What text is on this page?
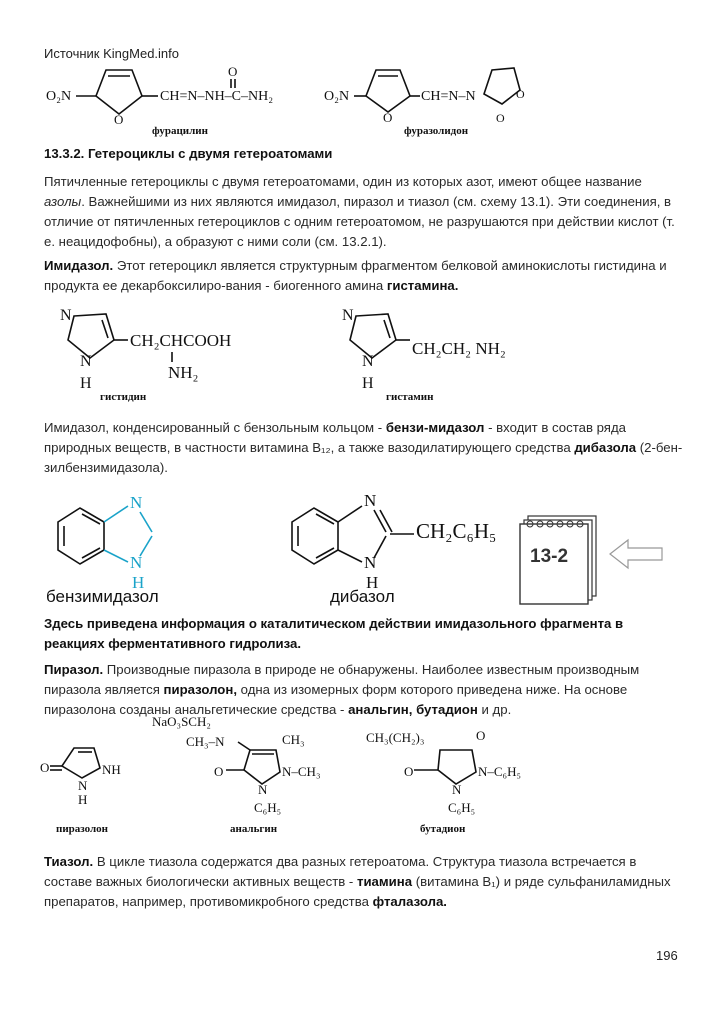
Источник KingMed.info
O₂N
O
CH=N–NH–C–NH₂
O
фурацилин
O₂N
O
CH=N–N	O
O
фуразолидон
13.3.2. Гетероциклы с двумя гетероатомами
Пятичленные гетероциклы с двумя гетероатомами, один из которых азот, имеют общее название азолы. Важнейшими из них являются имидазол, пиразол и тиазол (см. схему 13.1). Эти соединения, в отличие от пятичленных гетероциклов с одним гетероатомом, не разрушаются при действии кислот (т. е. неацидофобны), а образуют с ними соли (см. 13.2.1).
Имидазол. Этот гетероцикл является структурным фрагментом белковой аминокислоты гистидина и продукта ее декарбоксилиро-вания - биогенного амина гистамина.
N
N
H
CH₂CHCOOH
NH₂
гистидин
N
N
H
CH₂CH₂ NH₂
гистамин
Имидазол, конденсированный с бензольным кольцом - бензи-мидазол - входит в состав ряда природных веществ, в частности витамина В₁₂, а также вазодилатирующего средства дибазола (2-бен-зилбензимидазола).
N
N
H
бензимидазол
N
N
H
CH₂C₆H₅
дибазол
13-2
Здесь приведена информация о каталитическом действии имидазольного фрагмента в реакциях ферментативного гидролиза.
Пиразол. Производные пиразола в природе не обнаружены. Наиболее известным производным пиразола является пиразолон, одна из изомерных форм которого приведена ниже. На основе пиразолона созданы анальгетические средства - анальгин, бутадион и др.
O	NH
N
H
пиразолон
NaO₃SCH₂
CH₃–N	CH₃
O	N–CH₃
N
C₆H₅
анальгин
CH₃(CH₂)₃	O
O	N–C₆H₅
N
C₆H₅
бутадион
Тиазол. В цикле тиазола содержатся два разных гетероатома. Структура тиазола встречается в составе важных биологически активных веществ - тиамина (витамина В₁) и ряде сульфаниламидных препаратов, например, противомикробного средства фталазола.
196
